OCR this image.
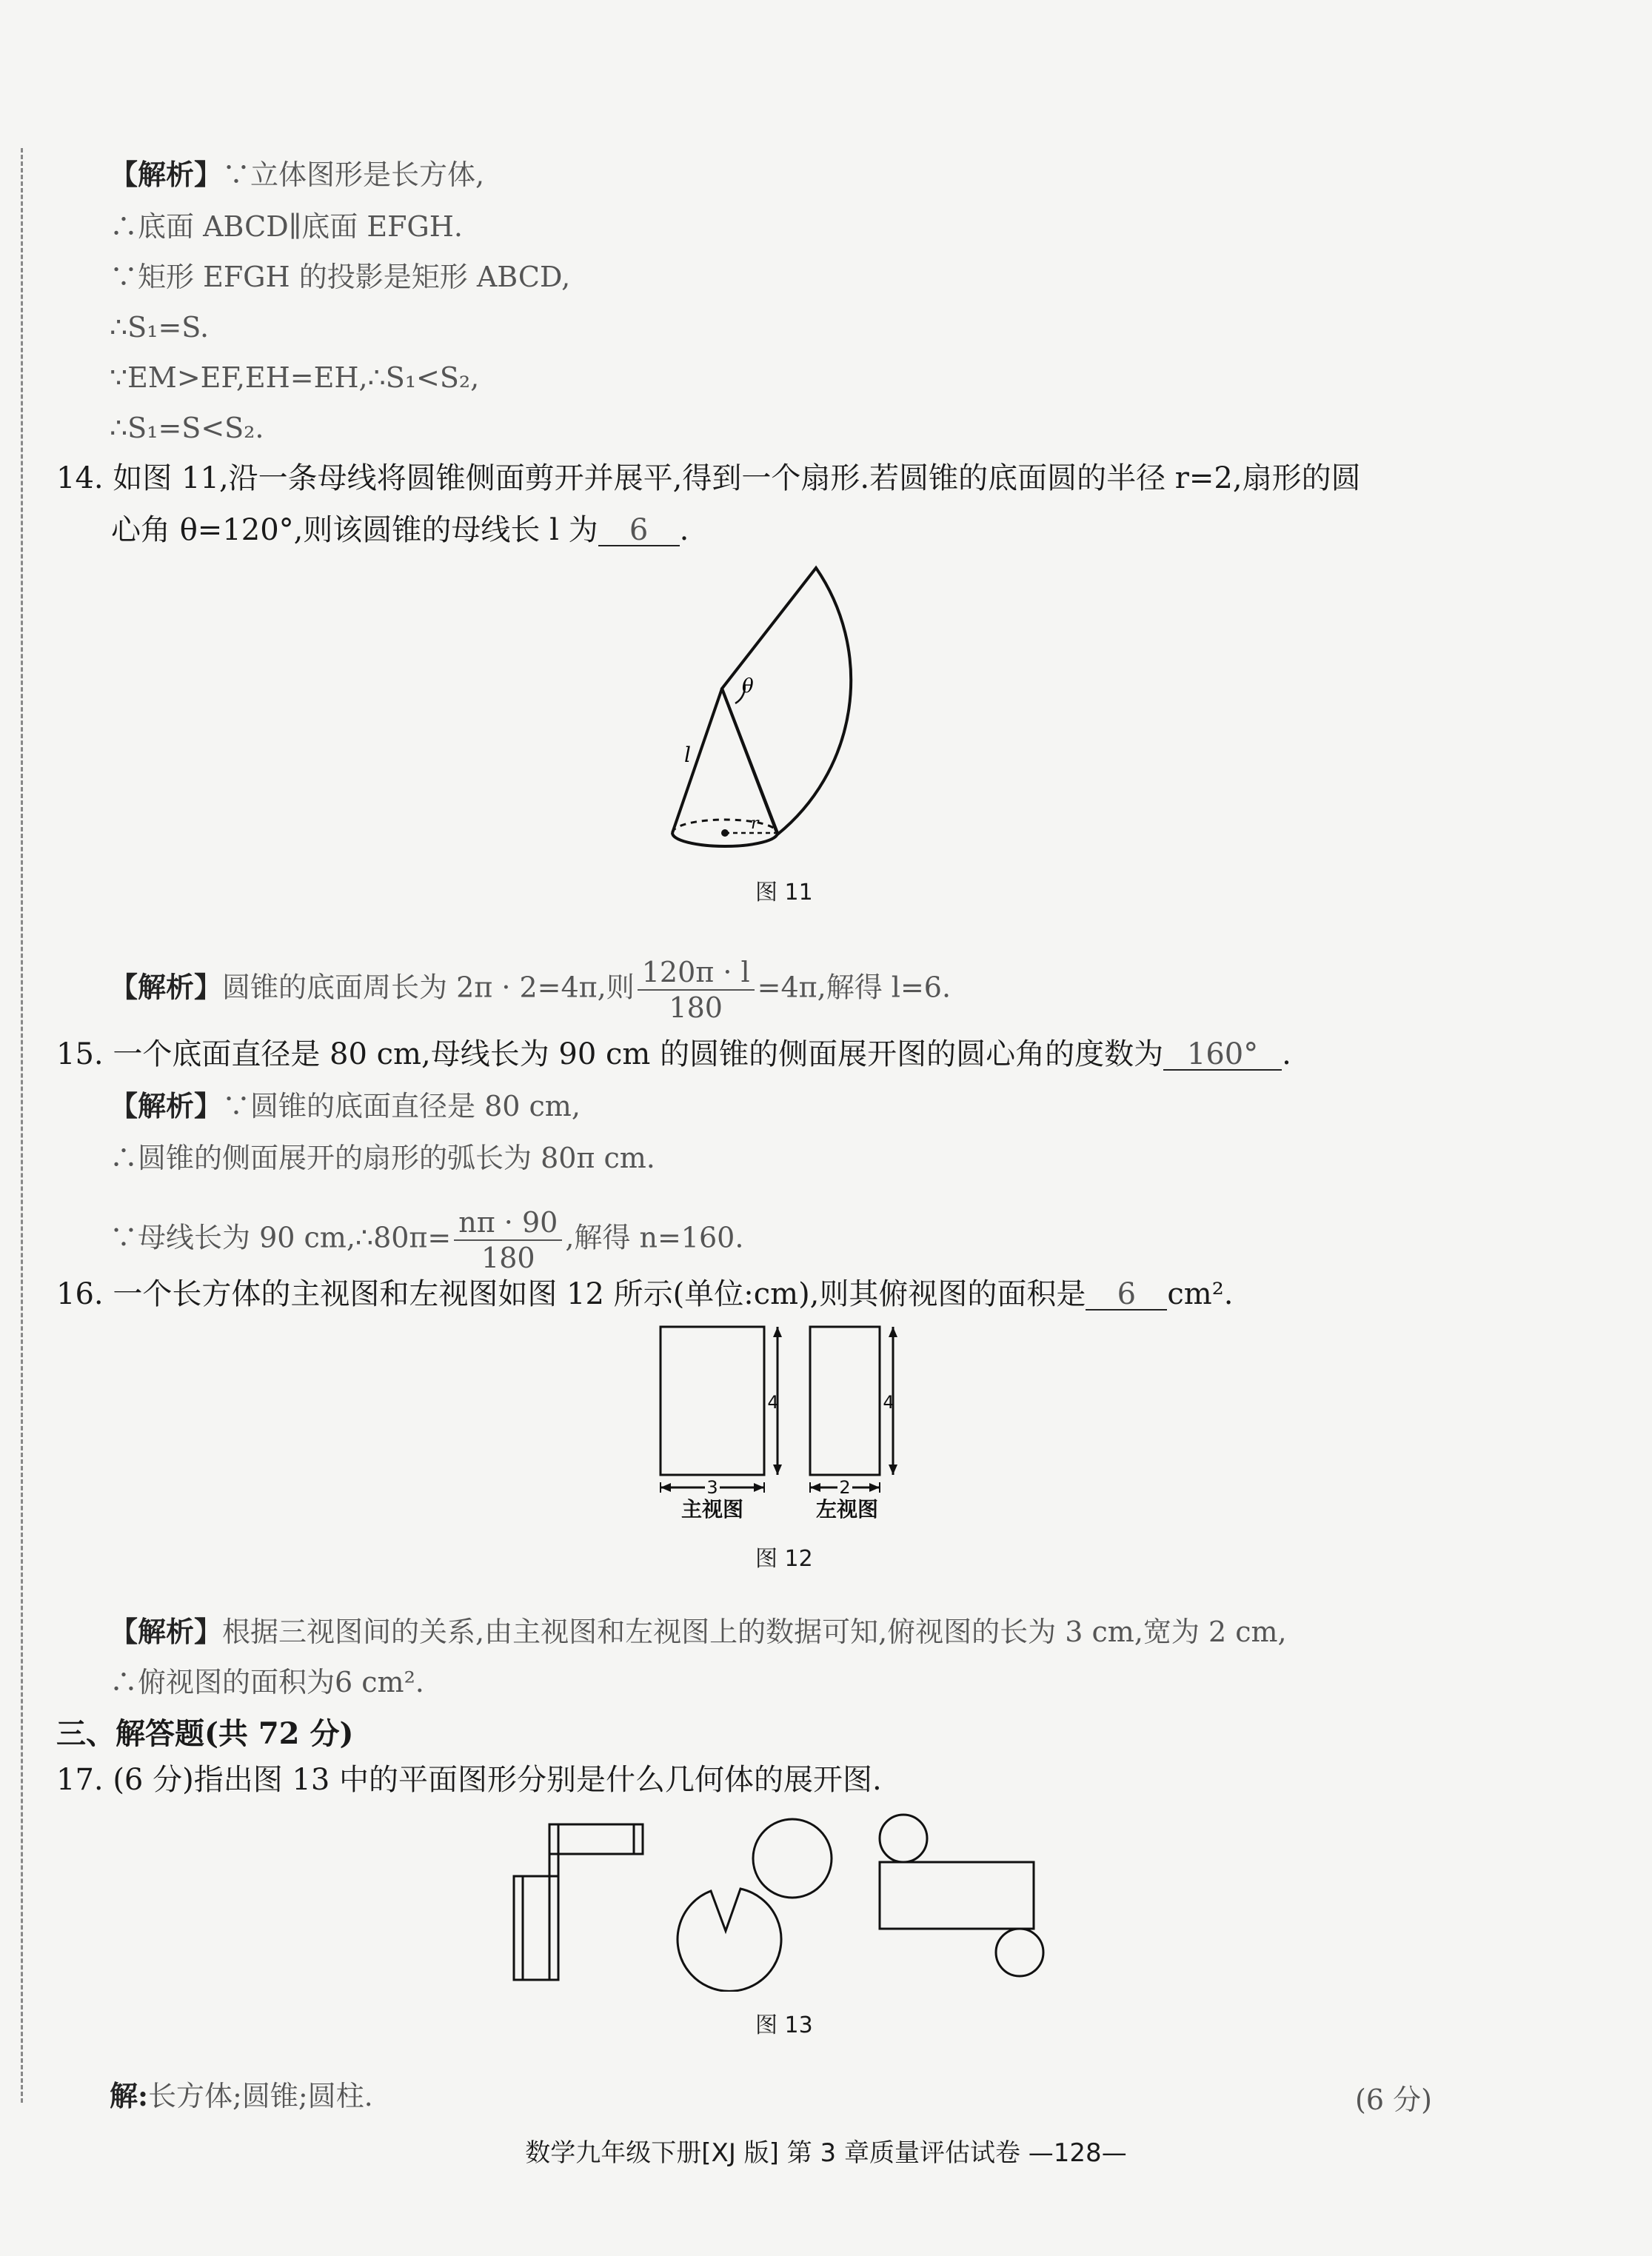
【解析】∵立体图形是长方体,
∴底面 ABCD∥底面 EFGH.
∵矩形 EFGH 的投影是矩形 ABCD,
∴S₁=S.
∵EM>EF,EH=EH,∴S₁<S₂,
∴S₁=S<S₂.
14. 如图 11,沿一条母线将圆锥侧面剪开并展平,得到一个扇形.若圆锥的底面圆的半径 r=2,扇形的圆
心角 θ=120°,则该圆锥的母线长 l 为 6 .
θ
l
r
图 11
【解析】圆锥的底面周长为 2π · 2=4π,则 $\frac{120\pi \cdot l}{180} =4\pi$,解得 l=6.
15. 一个底面直径是 80 cm,母线长为 90 cm 的圆锥的侧面展开图的圆心角的度数为 160° .
【解析】∵圆锥的底面直径是 80 cm,
∴圆锥的侧面展开的扇形的弧长为 80π cm.
∵母线长为 90 cm,∴80π= $\frac{n\pi \cdot 90}{180}$ ,解得 n=160.
16. 一个长方体的主视图和左视图如图 12 所示(单位:cm),则其俯视图的面积是 6 cm².
4
3
4
2
主视图	左视图
图 12
【解析】根据三视图间的关系,由主视图和左视图上的数据可知,俯视图的长为 3 cm,宽为 2 cm,
∴俯视图的面积为6 cm².
三、解答题(共 72 分)
17. (6 分)指出图 13 中的平面图形分别是什么几何体的展开图.
图 13
解:长方体;圆锥;圆柱.	(6 分)
数学九年级下册[XJ 版] 第 3 章质量评估试卷 —128—
